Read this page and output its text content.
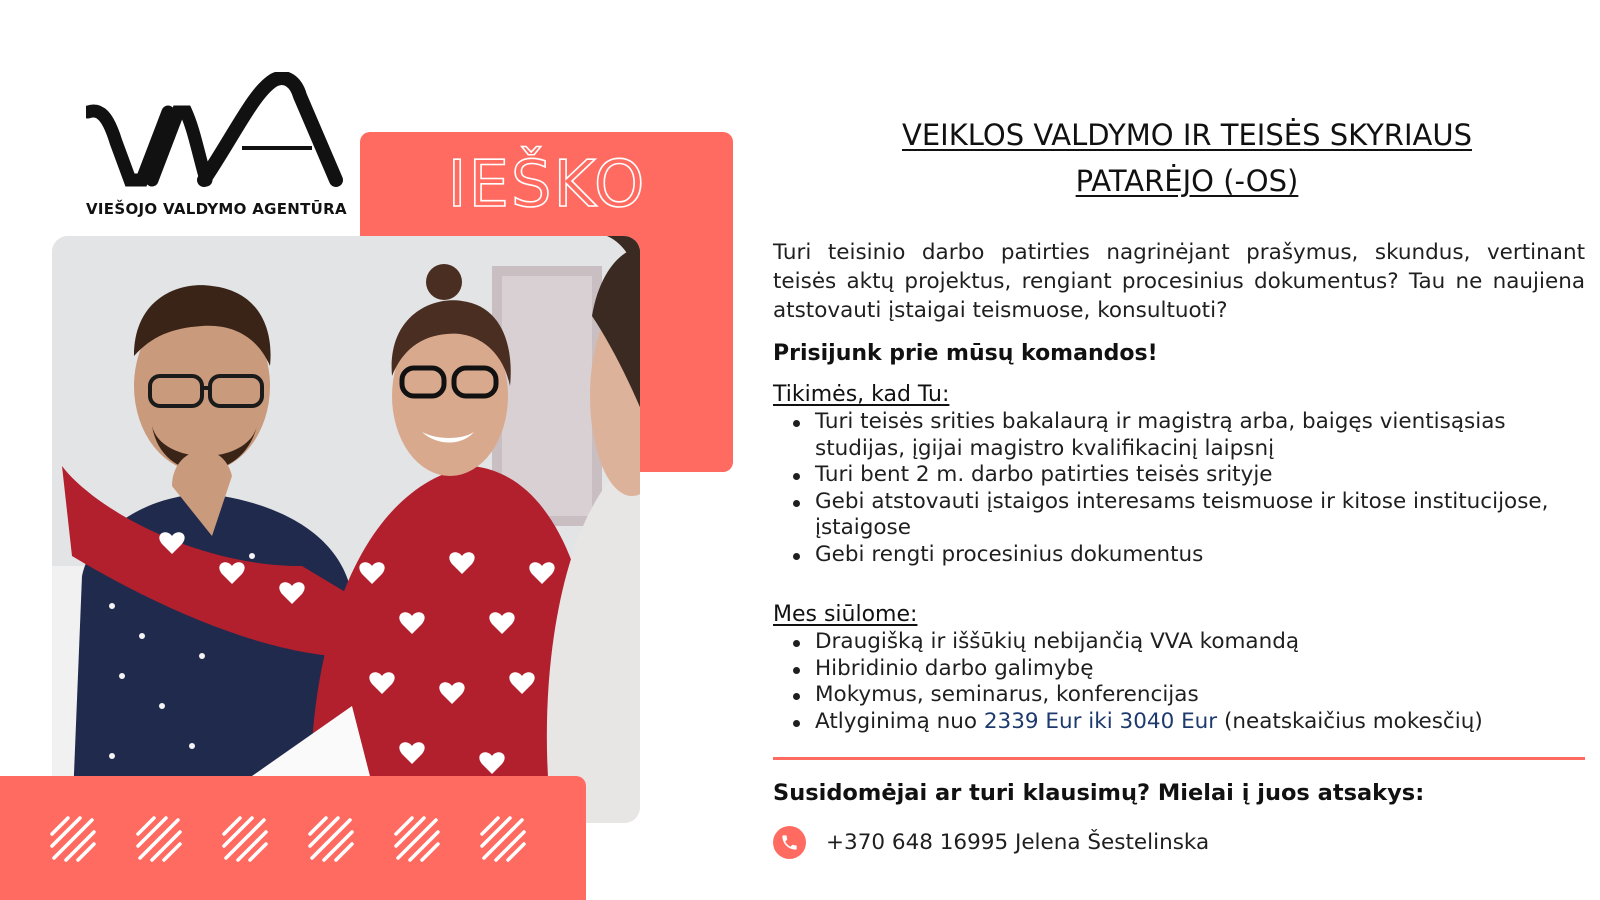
VIEŠOJO VALDYMO AGENTŪRA	IEŠKO
VEIKLOS VALDYMO IR TEISĖS SKYRIAUS
PATARĖJO (-OS)
Turi teisinio darbo patirties nagrinėjant prašymus, skundus, vertinant teisės aktų projektus, rengiant procesinius dokumentus? Tau ne naujiena atstovauti įstaigai teismuose, konsultuoti?
Prisijunk prie mūsų komandos!
Tikimės, kad Tu:
Turi teisės srities bakalaurą ir magistrą arba, baigęs vientisąsias studijas, įgijai magistro kvalifikacinį laipsnį
Turi bent 2 m. darbo patirties teisės srityje
Gebi atstovauti įstaigos interesams teismuose ir kitose institucijose, įstaigose
Gebi rengti procesinius dokumentus
Mes siūlome:
Draugišką ir iššūkių nebijančią VVA komandą
Hibridinio darbo galimybę
Mokymus, seminarus, konferencijas
Atlyginimą nuo 2339 Eur iki 3040 Eur (neatskaičius mokesčių)
Susidomėjai ar turi klausimų? Mielai į juos atsakys:
+370 648 16995 Jelena Šestelinska
